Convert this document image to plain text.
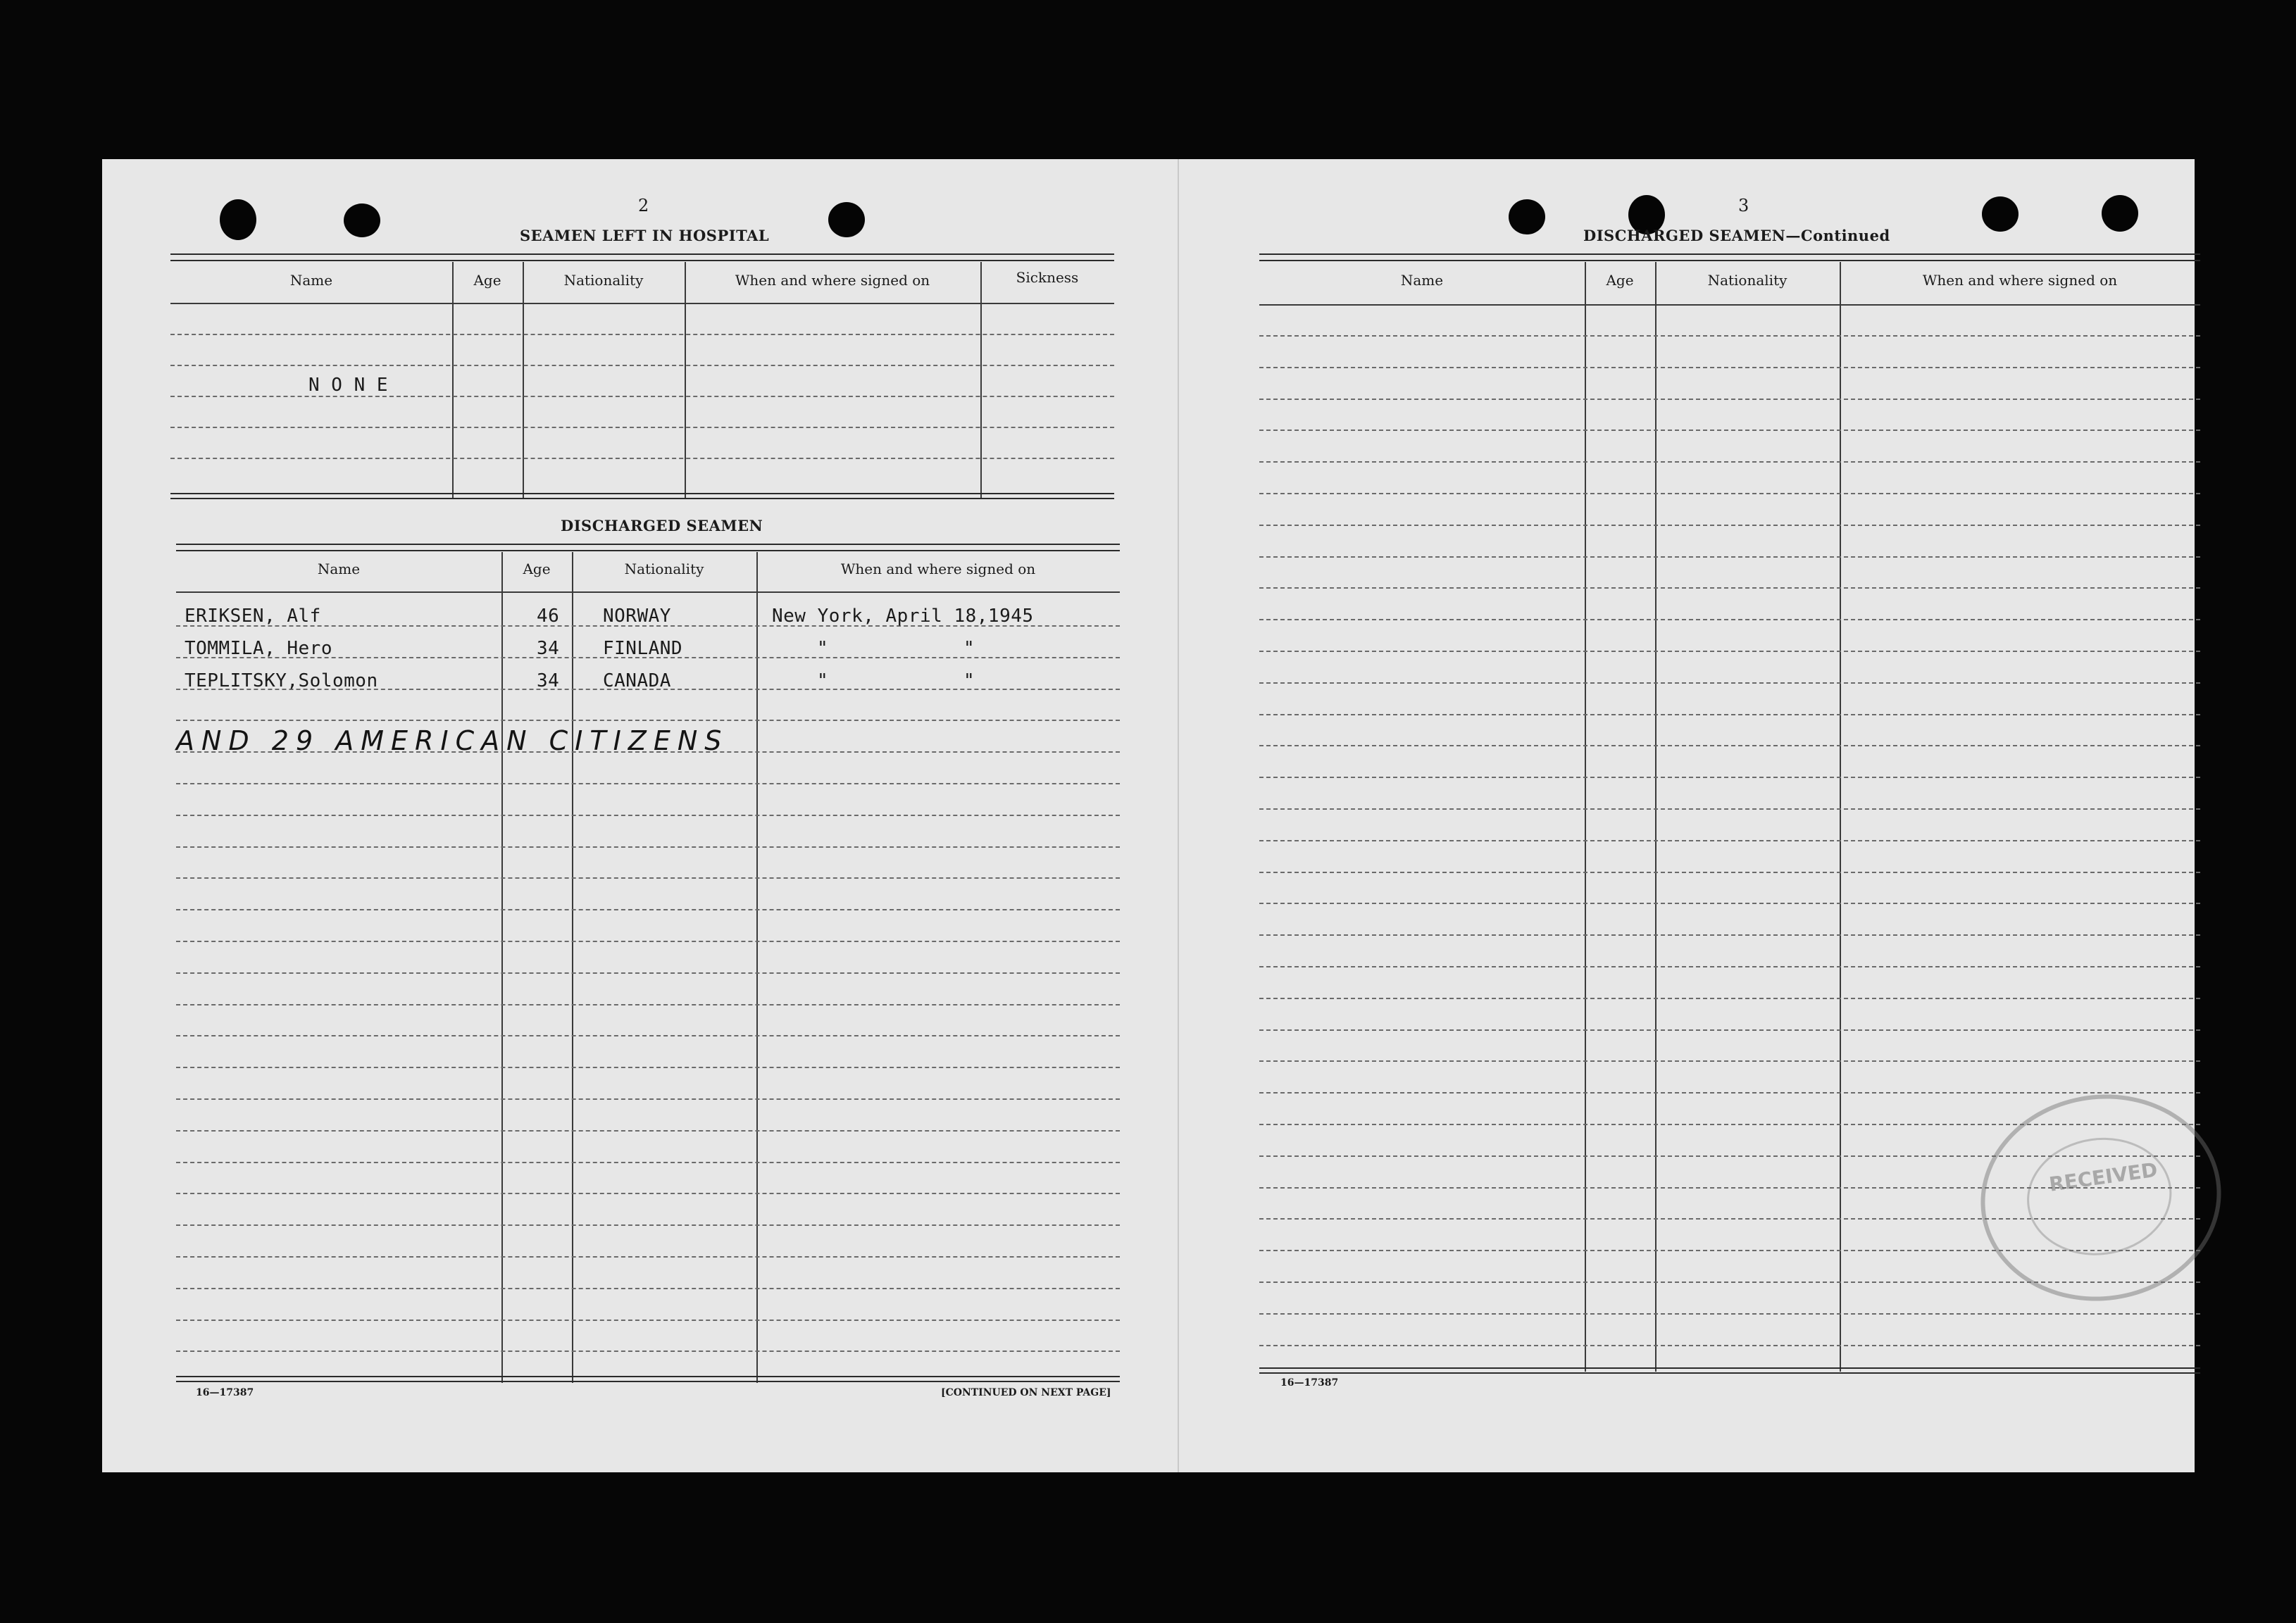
2
SEAMEN LEFT IN HOSPITAL
Name	Age	Nationality	When and where signed on	Sickness
N O N E
DISCHARGED SEAMEN
Name	Age	Nationality	When and where signed on
ERIKSEN, Alf	46 NORWAY	New York, April 18,1945
TOMMILA, Hero	34 FINLAND	"	"
TEPLITSKY,Solomon	34 CANADA	"	"
AND 29 AMERICAN CITIZENS
16—17387	[CONTINUED ON NEXT PAGE]
3
DISCHARGED SEAMEN—Continued
Name	Age	Nationality	When and where signed on
RECEIVED
16—17387
